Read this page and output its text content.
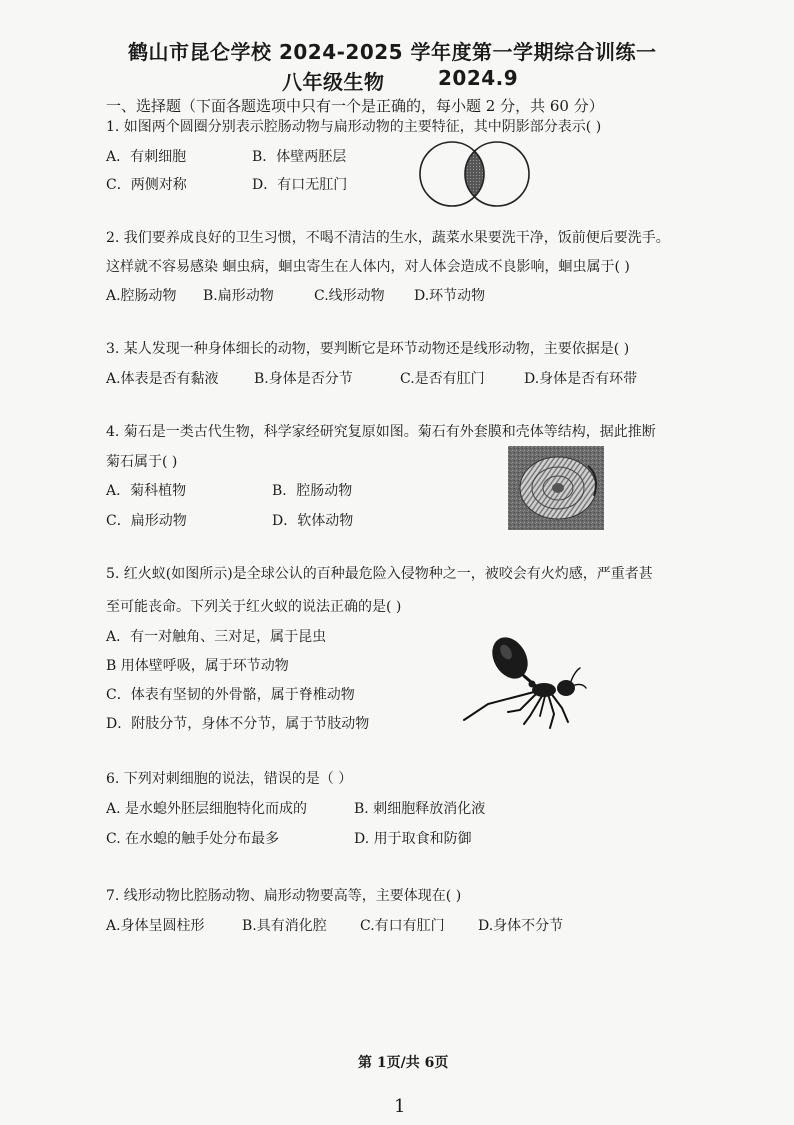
鹤山市昆仑学校 2024-2025 学年度第一学期综合训练一
八年级生物	2024.9
一、选择题（下面各题选项中只有一个是正确的，每小题 2 分，共 60 分）
1. 如图两个圆圈分别表示腔肠动物与扁形动物的主要特征，其中阴影部分表示( )
A．有刺细胞	B．体壁两胚层
C．两侧对称	D．有口无肛门
2. 我们要养成良好的卫生习惯，不喝不清洁的生水，蔬菜水果要洗干净，饭前便后要洗手。
这样就不容易感染 蛔虫病，蛔虫寄生在人体内，对人体会造成不良影响，蛔虫属于( )
A.腔肠动物 B.扁形动物	C.线形动物 D.环节动物
3. 某人发现一种身体细长的动物，要判断它是环节动物还是线形动物，主要依据是( )
A.体表是否有黏液	B.身体是否分节	C.是否有肛门	D.身体是否有环带
4. 菊石是一类古代生物，科学家经研究复原如图。菊石有外套膜和壳体等结构，据此推断
菊石属于( )
A．菊科植物	B．腔肠动物
C．扁形动物	D．软体动物
5. 红火蚁(如图所示)是全球公认的百种最危险入侵物种之一，被咬会有火灼感，严重者甚
至可能丧命。下列关于红火蚁的说法正确的是( )
A．有一对触角、三对足，属于昆虫
B 用体壁呼吸，属于环节动物
C．体表有坚韧的外骨骼，属于脊椎动物
D．附肢分节，身体不分节，属于节肢动物
6. 下列对刺细胞的说法，错误的是（ ）
A. 是水螅外胚层细胞特化而成的	B. 刺细胞释放消化液
C. 在水螅的触手处分布最多	D. 用于取食和防御
7. 线形动物比腔肠动物、扁形动物要高等，主要体现在( )
A.身体呈圆柱形	B.具有消化腔 C.有口有肛门 D.身体不分节
第 1页/共 6页
1
